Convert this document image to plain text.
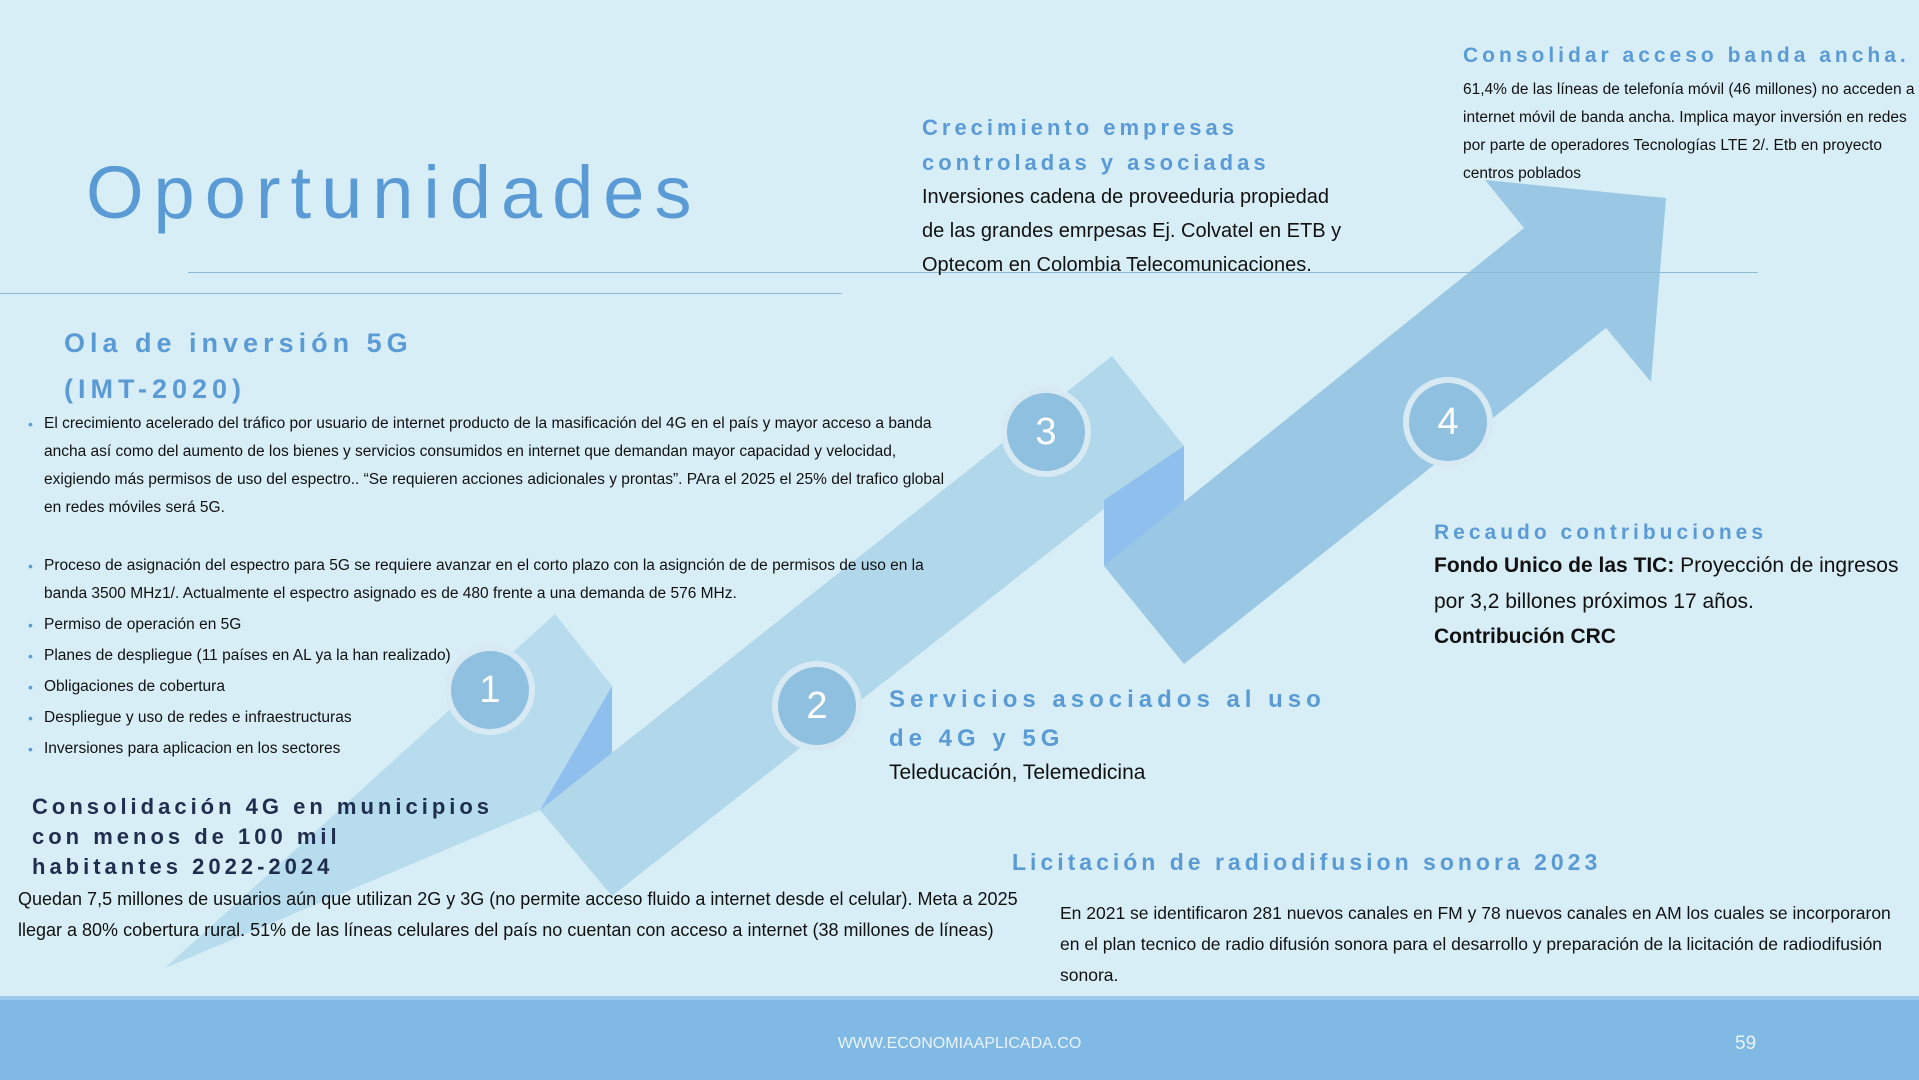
1	2
3	4
Oportunidades
Ola de inversión 5G
(IMT-2020)
• El crecimiento acelerado del tráfico por usuario de internet producto de la masificación del 4G en el país y mayor acceso a banda ancha así como del aumento de los bienes y servicios consumidos en internet que demandan mayor capacidad y velocidad, exigiendo más permisos de uso del espectro.. “Se requieren acciones adicionales y prontas”. PAra el 2025 el 25% del trafico global en redes móviles será 5G.
• Proceso de asignación del espectro para 5G se requiere avanzar en el corto plazo con la asignción de de permisos de uso en la banda 3500 MHz1/. Actualmente el espectro asignado es de 480 frente a una demanda de 576 MHz.
• Permiso de operación en 5G
• Planes de despliegue (11 países en AL ya la han realizado)
• Obligaciones de cobertura
• Despliegue y uso de redes e infraestructuras
• Inversiones para aplicacion en los sectores
Consolidación 4G en municipios
con menos de 100 mil
habitantes 2022-2024
Quedan 7,5 millones de usuarios aún que utilizan 2G y 3G (no permite acceso fluido a internet desde el celular). Meta a 2025 llegar a 80% cobertura rural. 51% de las líneas celulares del país no cuentan con acceso a internet (38 millones de líneas)
Crecimiento empresas
controladas y asociadas
Inversiones cadena de proveeduria propiedad de las grandes emrpesas Ej. Colvatel en ETB y Optecom en Colombia Telecomunicaciones.
Servicios asociados al uso
de 4G y 5G
Teleducación, Telemedicina
Consolidar acceso banda ancha.
61,4% de las líneas de telefonía móvil (46 millones) no acceden a internet móvil de banda ancha. Implica mayor inversión en redes por parte de operadores Tecnologías LTE 2/. Etb en proyecto centros poblados
Recaudo contribuciones
Fondo Unico de las TIC: Proyección de ingresos por 3,2 billones próximos 17 años.
Contribución CRC
Licitación de radiodifusion sonora 2023
En 2021 se identificaron 281 nuevos canales en FM y 78 nuevos canales en AM los cuales se incorporaron en el plan tecnico de radio difusión sonora para el desarrollo y preparación de la licitación de radiodifusión sonora.
WWW.ECONOMIAAPLICADA.CO	59
